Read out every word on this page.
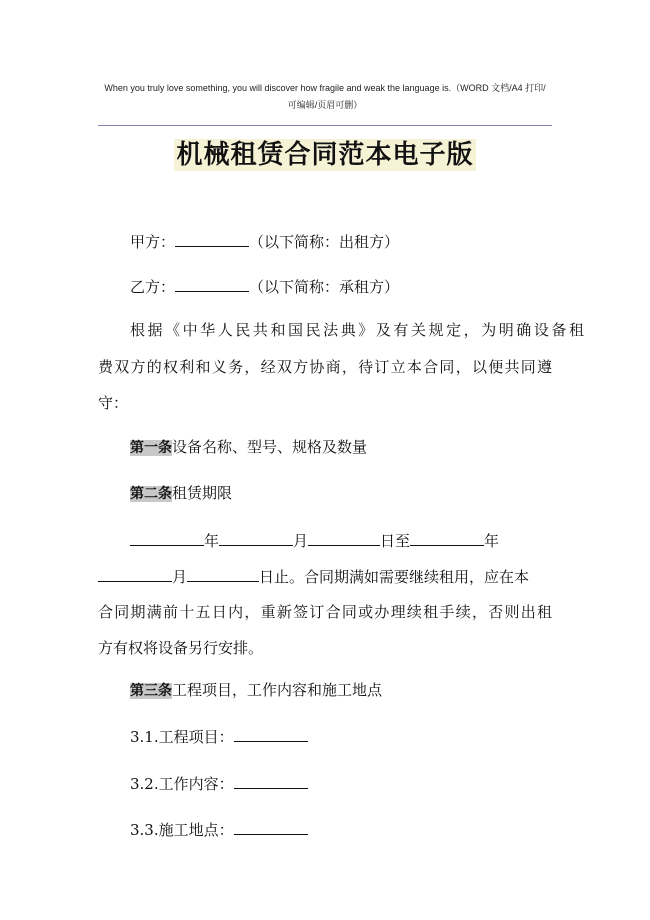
When you truly love something, you will discover how fragile and weak the language is.（WORD 文档/A4 打印/
可编辑/页眉可删）
机械租赁合同范本电子版
甲方：	（以下简称：出租方）
乙方：	（以下简称：承租方）
根据《中华人民共和国民法典》及有关规定，为明确设备租
费双方的权利和义务，经双方协商，待订立本合同，以便共同遵
守：
第一条设备名称、型号、规格及数量
第二条租赁期限
年	月	日至	年
月	日止。合同期满如需要继续租用，应在本
合同期满前十五日内，重新签订合同或办理续租手续，否则出租
方有权将设备另行安排。
第三条工程项目，工作内容和施工地点
3.1.工程项目：
3.2.工作内容：
3.3.施工地点：
